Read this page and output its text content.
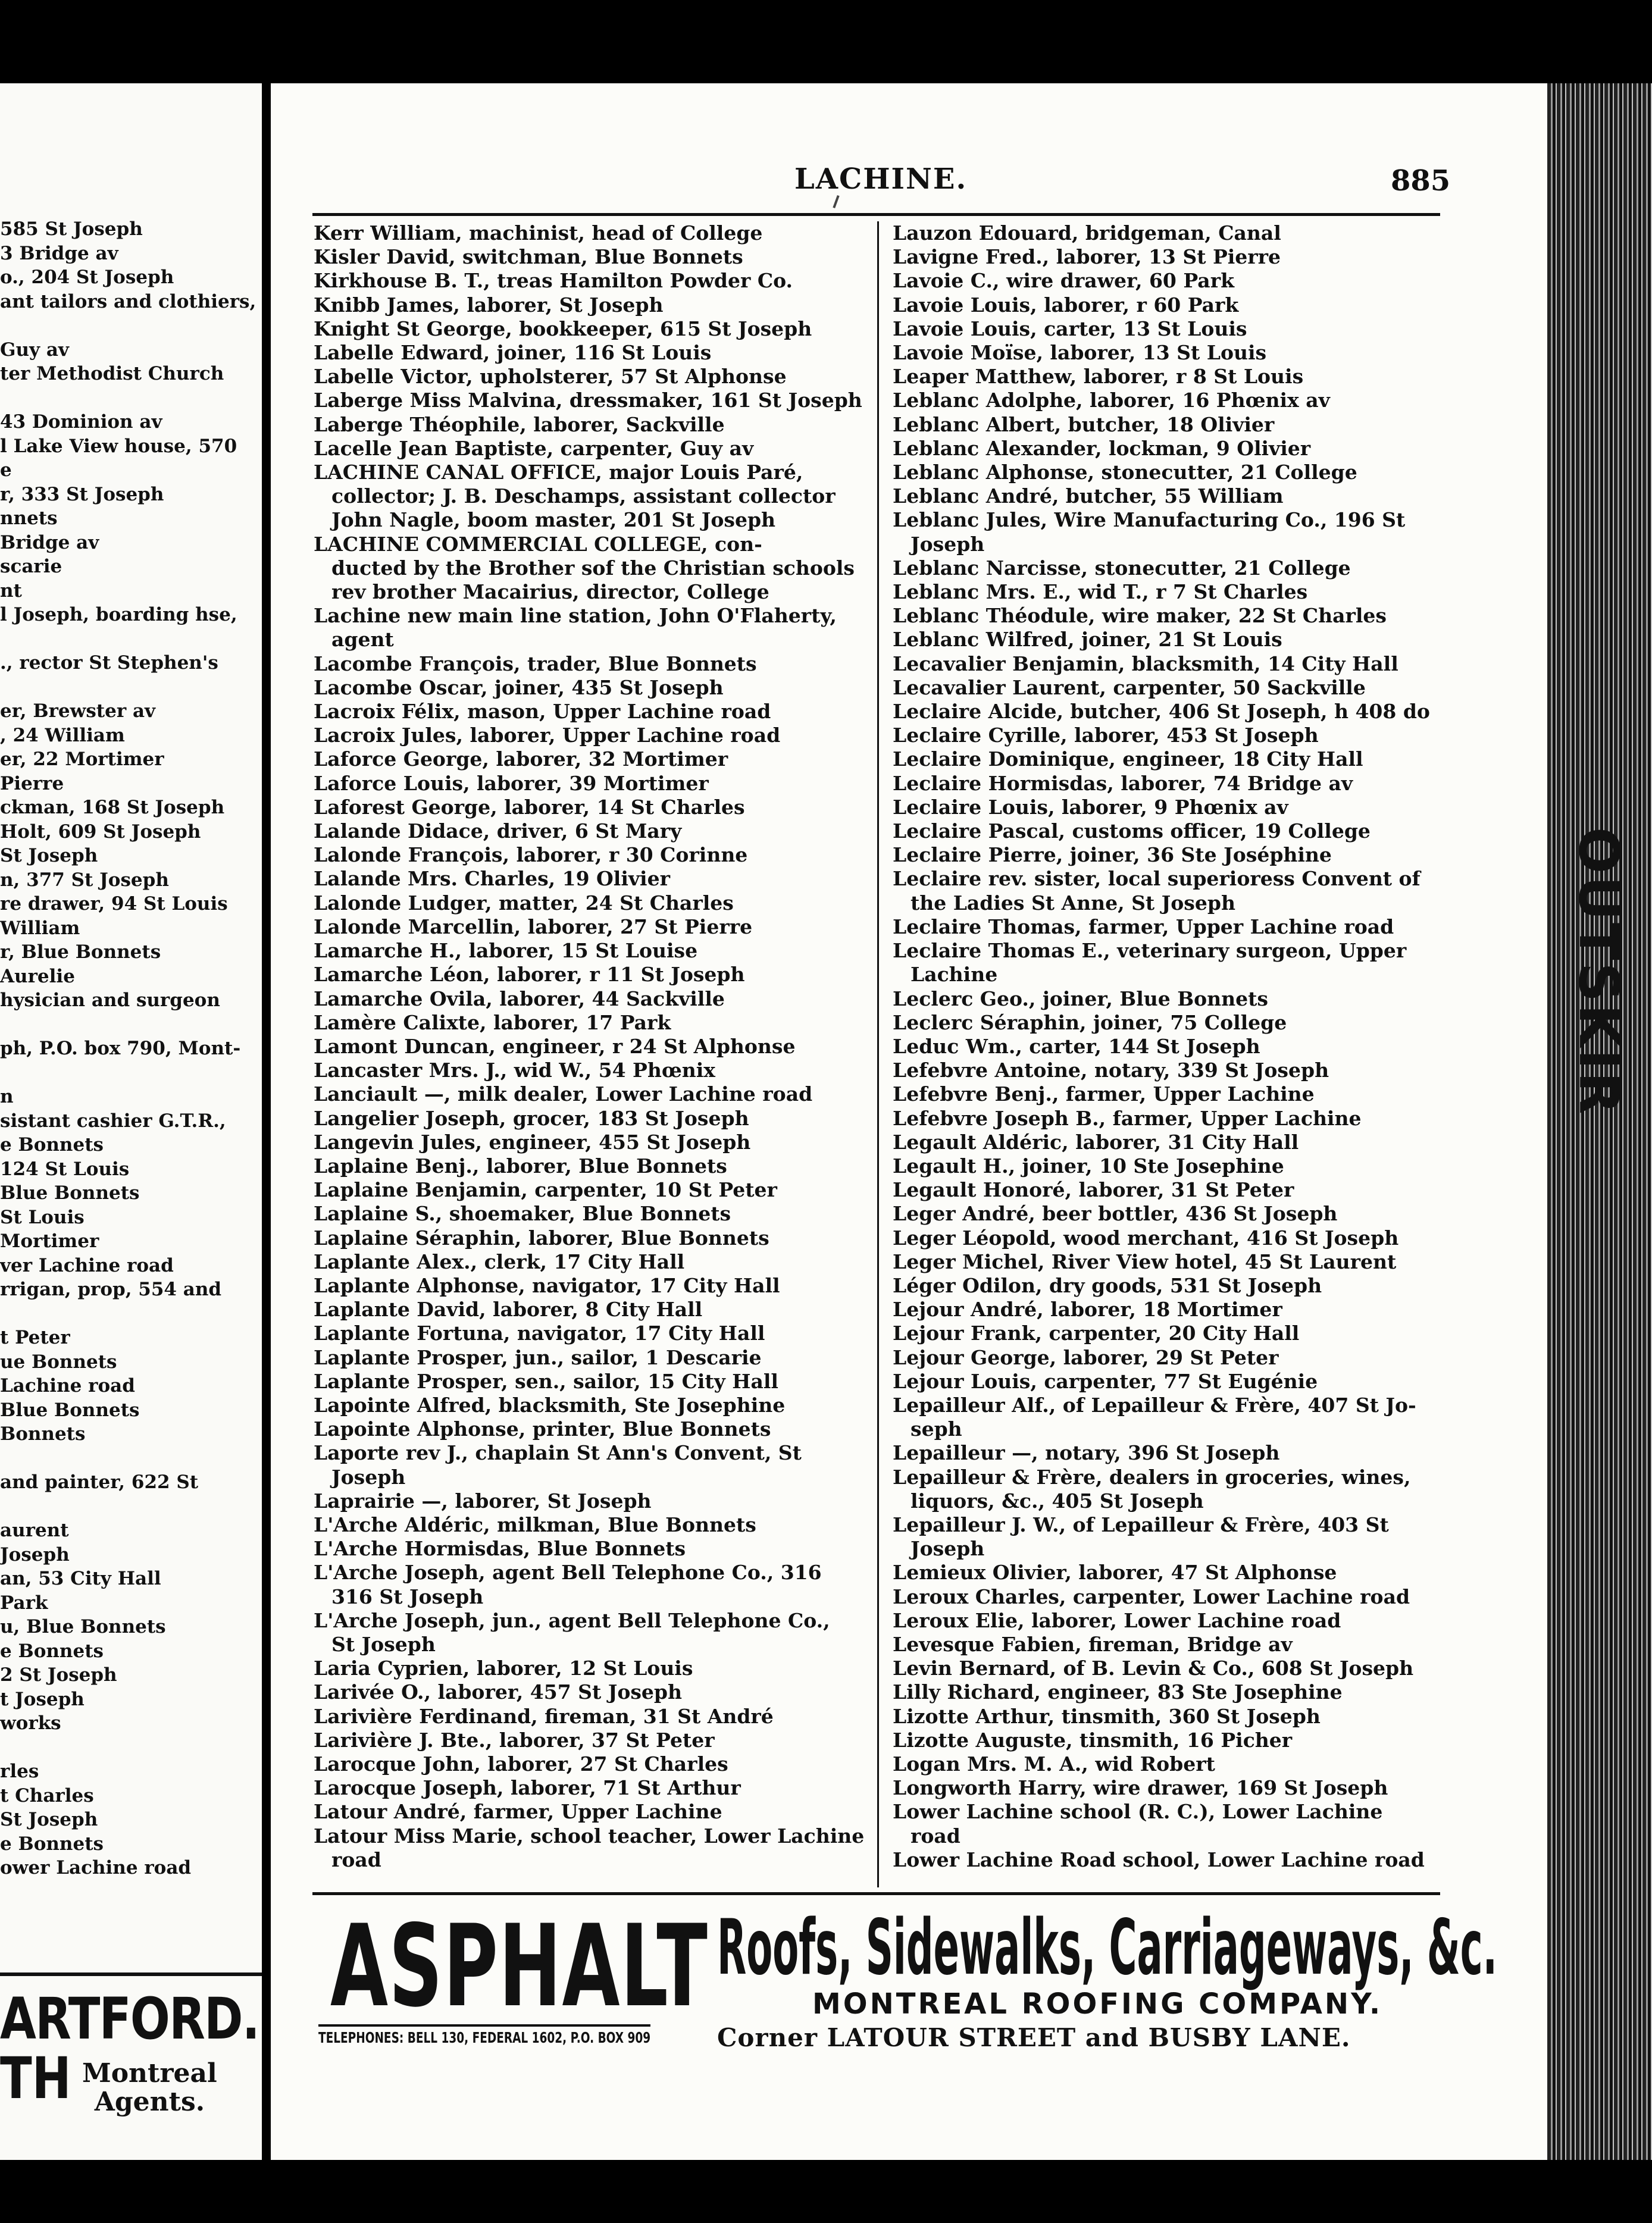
585 St Joseph
3 Bridge av
o., 204 St Joseph
ant tailors and clothiers,

Guy av
ter Methodist Church

43 Dominion av
l Lake View house, 570
e
r, 333 St Joseph
nnets
Bridge av
scarie
nt
l Joseph, boarding hse,

., rector St Stephen's

er, Brewster av
, 24 William
er, 22 Mortimer
Pierre
ckman, 168 St Joseph
Holt, 609 St Joseph
St Joseph
n, 377 St Joseph
re drawer, 94 St Louis
William
r, Blue Bonnets
Aurelie
hysician and surgeon

ph, P.O. box 790, Mont-

n
sistant cashier G.T.R.,
e Bonnets
124 St Louis
Blue Bonnets
St Louis
Mortimer
ver Lachine road
rrigan, prop, 554 and

t Peter
ue Bonnets
Lachine road
Blue Bonnets
Bonnets

and painter, 622 St

aurent
Joseph
an, 53 City Hall
Park
u, Blue Bonnets
e Bonnets
2 St Joseph
t Joseph
works

rles
t Charles
St Joseph
e Bonnets
ower Lachine road
ARTFORD.
TH Montreal
Agents.
OUTSKIR
LACHINE.	885
Kerr William, machinist, head of College
Kisler David, switchman, Blue Bonnets
Kirkhouse B. T., treas Hamilton Powder Co.
Knibb James, laborer, St Joseph
Knight St George, bookkeeper, 615 St Joseph
Labelle Edward, joiner, 116 St Louis
Labelle Victor, upholsterer, 57 St Alphonse
Laberge Miss Malvina, dressmaker, 161 St Joseph
Laberge Théophile, laborer, Sackville
Lacelle Jean Baptiste, carpenter, Guy av
LACHINE CANAL OFFICE, major Louis Paré,
collector; J. B. Deschamps, assistant collector
John Nagle, boom master, 201 St Joseph
LACHINE COMMERCIAL COLLEGE, con-
ducted by the Brother sof the Christian schools
rev brother Macairius, director, College
Lachine new main line station, John O'Flaherty,
agent
Lacombe François, trader, Blue Bonnets
Lacombe Oscar, joiner, 435 St Joseph
Lacroix Félix, mason, Upper Lachine road
Lacroix Jules, laborer, Upper Lachine road
Laforce George, laborer, 32 Mortimer
Laforce Louis, laborer, 39 Mortimer
Laforest George, laborer, 14 St Charles
Lalande Didace, driver, 6 St Mary
Lalonde François, laborer, r 30 Corinne
Lalande Mrs. Charles, 19 Olivier
Lalonde Ludger, matter, 24 St Charles
Lalonde Marcellin, laborer, 27 St Pierre
Lamarche H., laborer, 15 St Louise
Lamarche Léon, laborer, r 11 St Joseph
Lamarche Ovila, laborer, 44 Sackville
Lamère Calixte, laborer, 17 Park
Lamont Duncan, engineer, r 24 St Alphonse
Lancaster Mrs. J., wid W., 54 Phœnix
Lanciault —, milk dealer, Lower Lachine road
Langelier Joseph, grocer, 183 St Joseph
Langevin Jules, engineer, 455 St Joseph
Laplaine Benj., laborer, Blue Bonnets
Laplaine Benjamin, carpenter, 10 St Peter
Laplaine S., shoemaker, Blue Bonnets
Laplaine Séraphin, laborer, Blue Bonnets
Laplante Alex., clerk, 17 City Hall
Laplante Alphonse, navigator, 17 City Hall
Laplante David, laborer, 8 City Hall
Laplante Fortuna, navigator, 17 City Hall
Laplante Prosper, jun., sailor, 1 Descarie
Laplante Prosper, sen., sailor, 15 City Hall
Lapointe Alfred, blacksmith, Ste Josephine
Lapointe Alphonse, printer, Blue Bonnets
Laporte rev J., chaplain St Ann's Convent, St
Joseph
Laprairie —, laborer, St Joseph
L'Arche Aldéric, milkman, Blue Bonnets
L'Arche Hormisdas, Blue Bonnets
L'Arche Joseph, agent Bell Telephone Co., 316
316 St Joseph
L'Arche Joseph, jun., agent Bell Telephone Co.,
St Joseph
Laria Cyprien, laborer, 12 St Louis
Larivée O., laborer, 457 St Joseph
Larivière Ferdinand, fireman, 31 St André
Larivière J. Bte., laborer, 37 St Peter
Larocque John, laborer, 27 St Charles
Larocque Joseph, laborer, 71 St Arthur
Latour André, farmer, Upper Lachine
Latour Miss Marie, school teacher, Lower Lachine
road
Lauzon Edouard, bridgeman, Canal
Lavigne Fred., laborer, 13 St Pierre
Lavoie C., wire drawer, 60 Park
Lavoie Louis, laborer, r 60 Park
Lavoie Louis, carter, 13 St Louis
Lavoie Moïse, laborer, 13 St Louis
Leaper Matthew, laborer, r 8 St Louis
Leblanc Adolphe, laborer, 16 Phœnix av
Leblanc Albert, butcher, 18 Olivier
Leblanc Alexander, lockman, 9 Olivier
Leblanc Alphonse, stonecutter, 21 College
Leblanc André, butcher, 55 William
Leblanc Jules, Wire Manufacturing Co., 196 St
Joseph
Leblanc Narcisse, stonecutter, 21 College
Leblanc Mrs. E., wid T., r 7 St Charles
Leblanc Théodule, wire maker, 22 St Charles
Leblanc Wilfred, joiner, 21 St Louis
Lecavalier Benjamin, blacksmith, 14 City Hall
Lecavalier Laurent, carpenter, 50 Sackville
Leclaire Alcide, butcher, 406 St Joseph, h 408 do
Leclaire Cyrille, laborer, 453 St Joseph
Leclaire Dominique, engineer, 18 City Hall
Leclaire Hormisdas, laborer, 74 Bridge av
Leclaire Louis, laborer, 9 Phœnix av
Leclaire Pascal, customs officer, 19 College
Leclaire Pierre, joiner, 36 Ste Joséphine
Leclaire rev. sister, local superioress Convent of
the Ladies St Anne, St Joseph
Leclaire Thomas, farmer, Upper Lachine road
Leclaire Thomas E., veterinary surgeon, Upper
Lachine
Leclerc Geo., joiner, Blue Bonnets
Leclerc Séraphin, joiner, 75 College
Leduc Wm., carter, 144 St Joseph
Lefebvre Antoine, notary, 339 St Joseph
Lefebvre Benj., farmer, Upper Lachine
Lefebvre Joseph B., farmer, Upper Lachine
Legault Aldéric, laborer, 31 City Hall
Legault H., joiner, 10 Ste Josephine
Legault Honoré, laborer, 31 St Peter
Leger André, beer bottler, 436 St Joseph
Leger Léopold, wood merchant, 416 St Joseph
Leger Michel, River View hotel, 45 St Laurent
Léger Odilon, dry goods, 531 St Joseph
Lejour André, laborer, 18 Mortimer
Lejour Frank, carpenter, 20 City Hall
Lejour George, laborer, 29 St Peter
Lejour Louis, carpenter, 77 St Eugénie
Lepailleur Alf., of Lepailleur & Frère, 407 St Jo-
seph
Lepailleur —, notary, 396 St Joseph
Lepailleur & Frère, dealers in groceries, wines,
liquors, &c., 405 St Joseph
Lepailleur J. W., of Lepailleur & Frère, 403 St
Joseph
Lemieux Olivier, laborer, 47 St Alphonse
Leroux Charles, carpenter, Lower Lachine road
Leroux Elie, laborer, Lower Lachine road
Levesque Fabien, fireman, Bridge av
Levin Bernard, of B. Levin & Co., 608 St Joseph
Lilly Richard, engineer, 83 Ste Josephine
Lizotte Arthur, tinsmith, 360 St Joseph
Lizotte Auguste, tinsmith, 16 Picher
Logan Mrs. M. A., wid Robert
Longworth Harry, wire drawer, 169 St Joseph
Lower Lachine school (R. C.), Lower Lachine
road
Lower Lachine Road school, Lower Lachine road
ASPHALT Roofs, Sidewalks, Carriageways, &c.
MONTREAL ROOFING COMPANY.
TELEPHONES: BELL 130, FEDERAL 1602, P.O. BOX 909	Corner LATOUR STREET and BUSBY LANE.
